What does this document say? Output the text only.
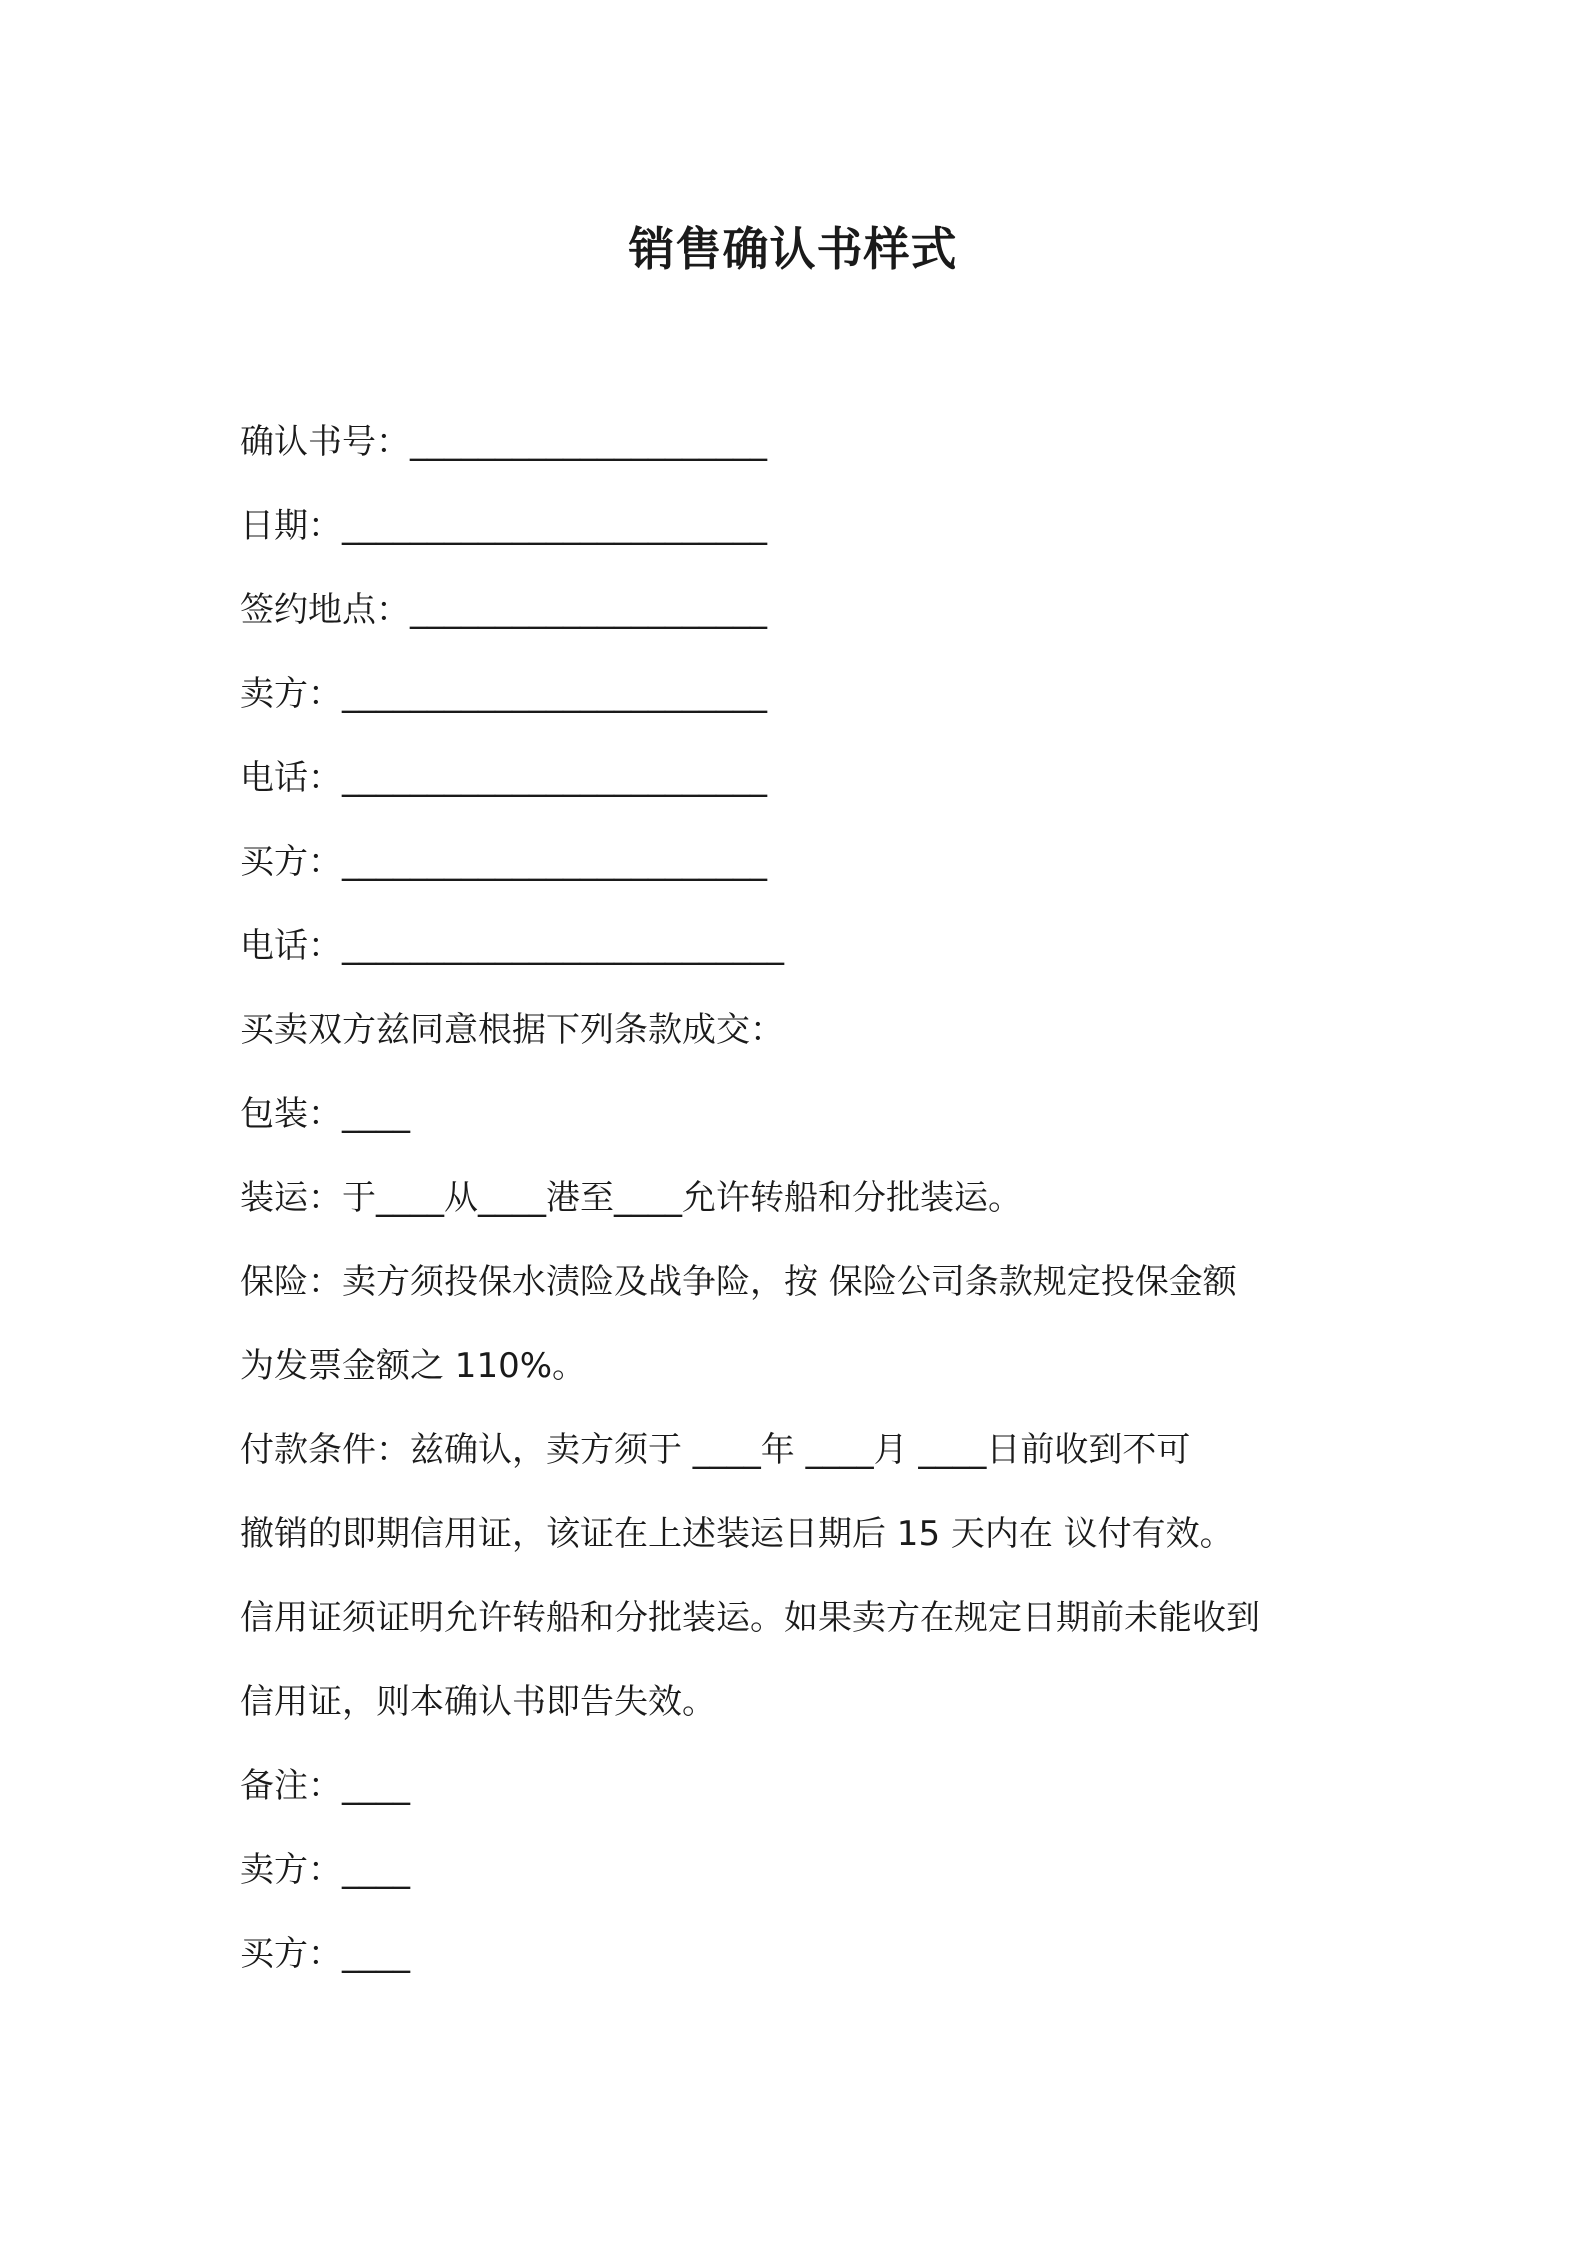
销售确认书样式
确认书号：_____________________
日期：_________________________
签约地点：_____________________
卖方：_________________________
电话：_________________________
买方：_________________________
电话：__________________________
买卖双方兹同意根据下列条款成交：
包装：____
装运：于____从____港至____允许转船和分批装运。
保险：卖方须投保水渍险及战争险，按 保险公司条款规定投保金额
为发票金额之 110%。
付款条件：兹确认，卖方须于 ____年 ____月 ____日前收到不可
撤销的即期信用证，该证在上述装运日期后 15 天内在 议付有效。
信用证须证明允许转船和分批装运。如果卖方在规定日期前未能收到
信用证，则本确认书即告失效。
备注：____
卖方：____
买方：____
